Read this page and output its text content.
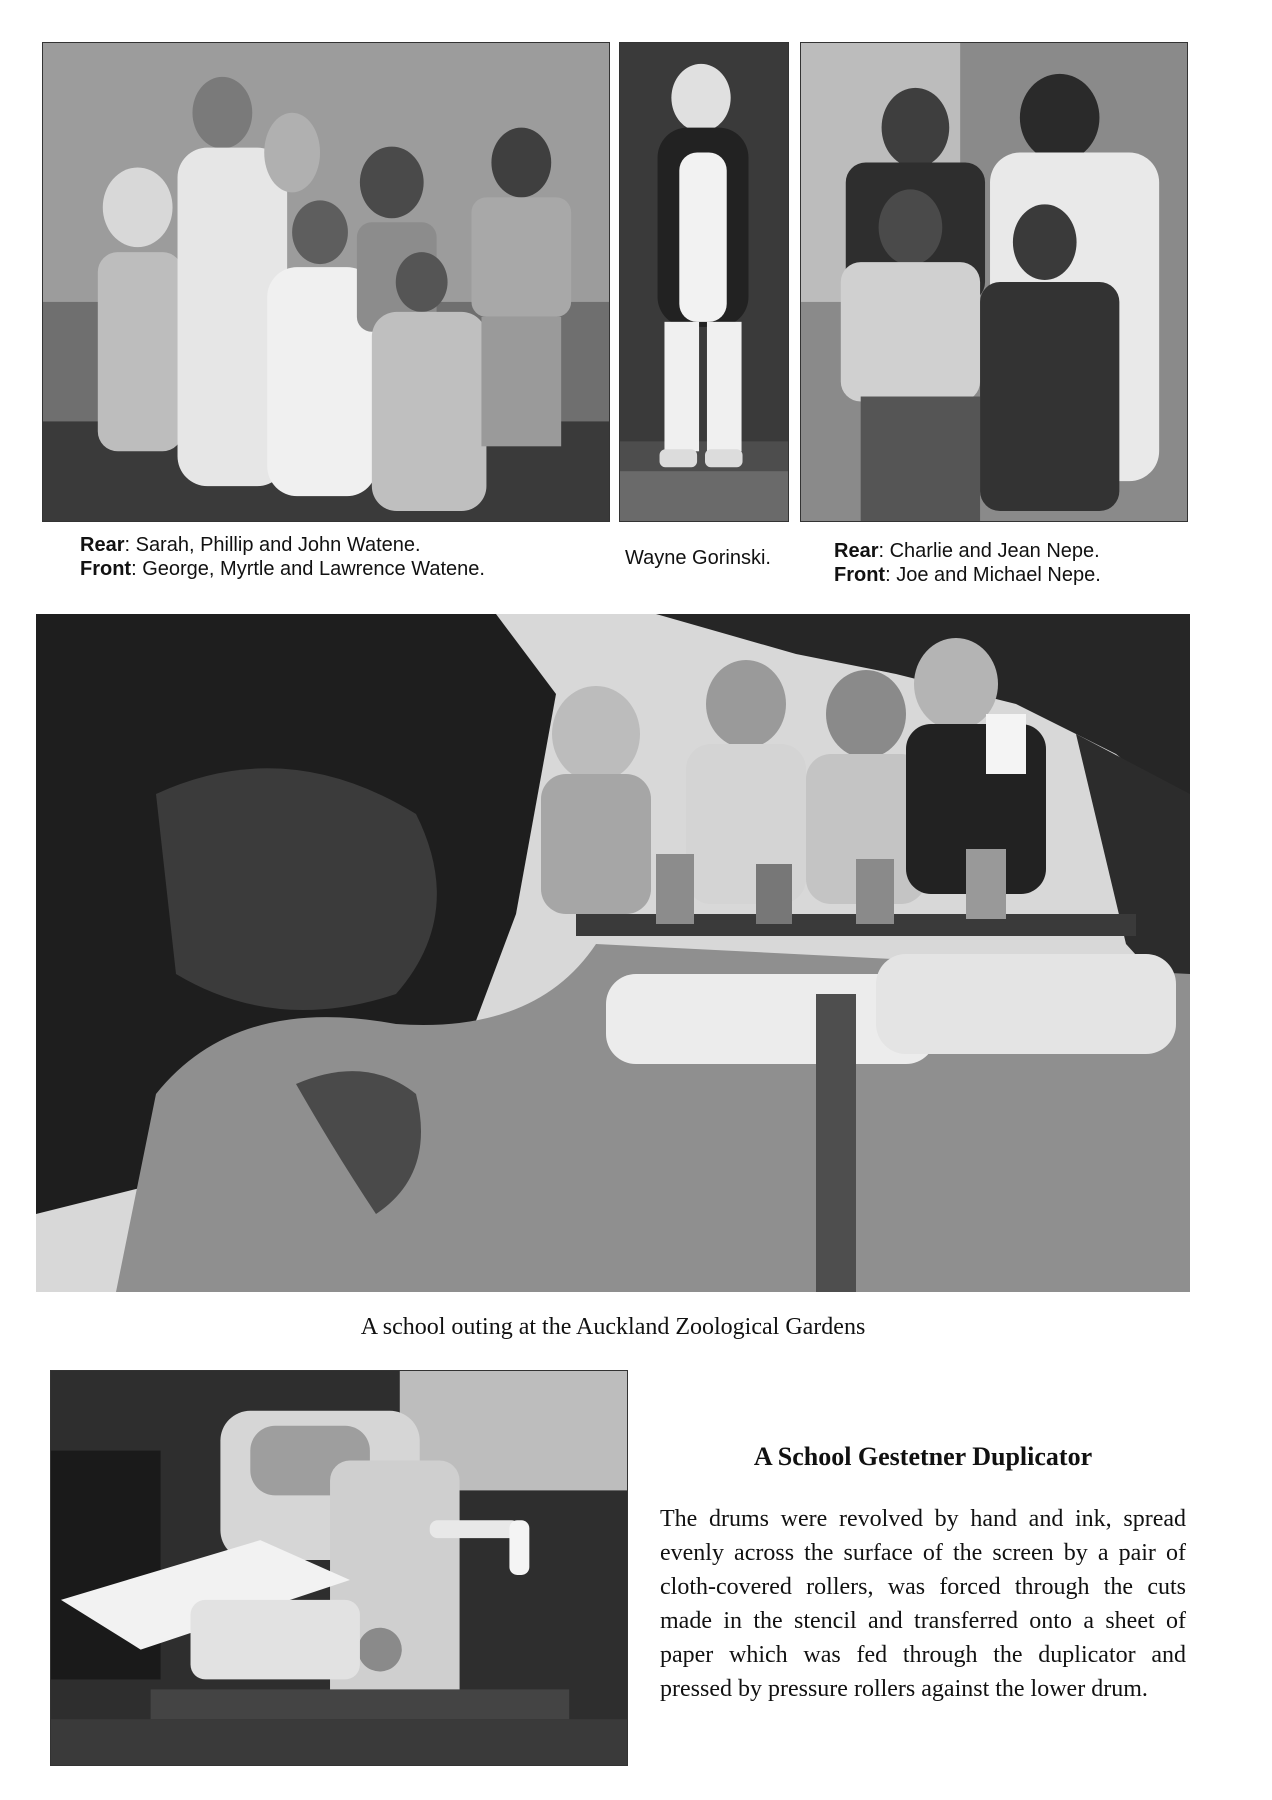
Rear: Sarah, Phillip and John Watene.
Front: George, Myrtle and Lawrence Watene.	Wayne Gorinski.	Rear: Charlie and Jean Nepe.
Front: Joe and Michael Nepe.
A school outing at the Auckland Zoological Gardens
A School Gestetner Duplicator
The drums were revolved by hand and ink, spread evenly across the surface of the screen by a pair of cloth-covered rollers, was forced through the cuts made in the stencil and transferred onto a sheet of paper which was fed through the duplicator and pressed by pressure rollers against the lower drum.
